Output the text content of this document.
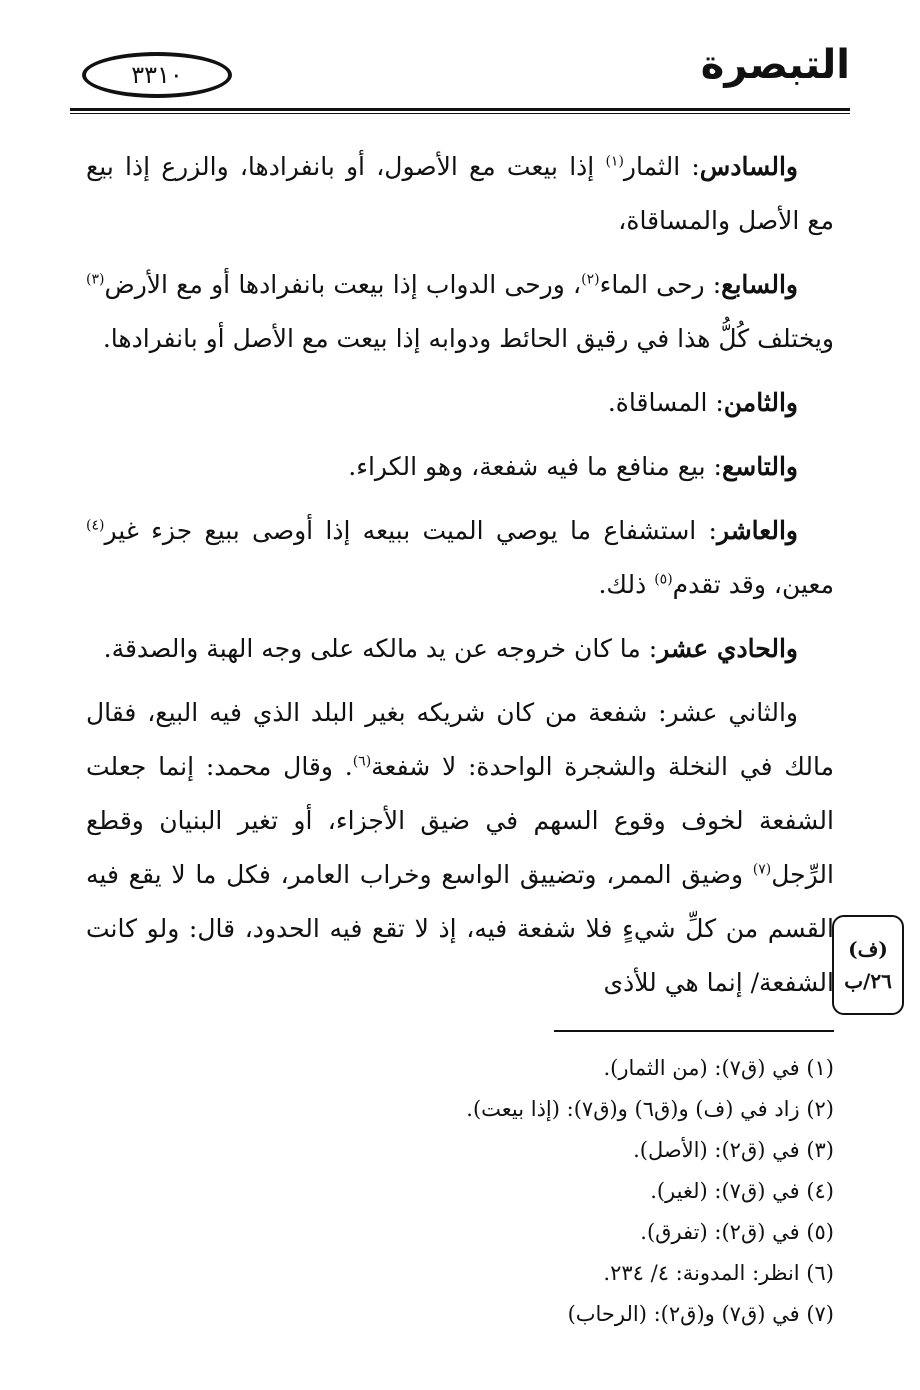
التبصرة
٣٣١٠

والسادس: الثمار$^{(١)}$ إذا بيعت مع الأصول، أو بانفرادها، والزرع إذا بيع مع الأصل والمساقاة،

والسابع: رحى الماء$^{(٢)}$، ورحى الدواب إذا بيعت بانفرادها أو مع الأرض$^{(٣)}$ ويختلف كُلُّ هذا في رقيق الحائط ودوابه إذا بيعت مع الأصل أو بانفرادها.

والثامن: المساقاة.

والتاسع: بيع منافع ما فيه شفعة، وهو الكراء.

والعاشر: استشفاع ما يوصي الميت ببيعه إذا أوصى ببيع جزء غير$^{(٤)}$ معين، وقد تقدم$^{(٥)}$ ذلك.

والحادي عشر: ما كان خروجه عن يد مالكه على وجه الهبة والصدقة.

والثاني عشر: شفعة من كان شريكه بغير البلد الذي فيه البيع، فقال مالك في النخلة والشجرة الواحدة: لا شفعة$^{(٦)}$. وقال محمد: إنما جعلت الشفعة لخوف وقوع السهم في ضيق الأجزاء، أو تغير البنيان وقطع الرِّجل$^{(٧)}$ وضيق الممر، وتضييق الواسع وخراب العامر، فكل ما لا يقع فيه القسم من كلِّ شيءٍ فلا شفعة فيه، إذ لا تقع فيه الحدود، قال: ولو كانت الشفعة/ إنما هي للأذى

(ف)
٢٦/ب
(١) في (ق٧): (من الثمار).
(٢) زاد في (ف) و(ق٦) و(ق٧): (إذا بيعت).
(٣) في (ق٢): (الأصل).
(٤) في (ق٧): (لغير).
(٥) في (ق٢): (تفرق).
(٦) انظر: المدونة: ٤/ ٢٣٤.
(٧) في (ق٧) و(ق٢): (الرحاب)
